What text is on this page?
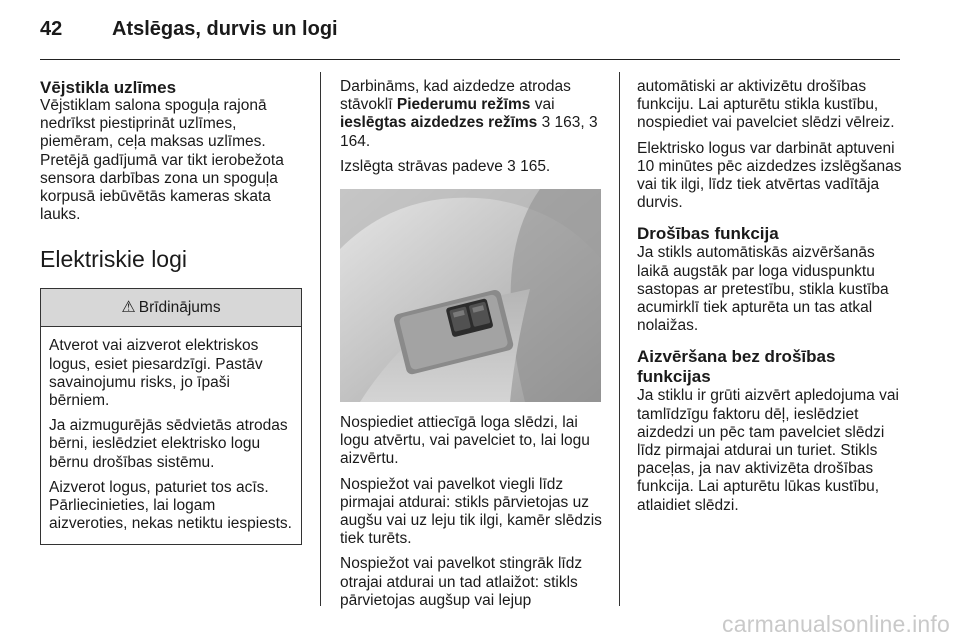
42	Atslēgas, durvis un logi
Vējstikla uzlīmes

Vējstiklam salona spoguļa rajonā nedrīkst piestiprināt uzlīmes, piemēram, ceļa maksas uzlīmes. Pretējā gadījumā var tikt ierobežota sensora darbības zona un spoguļa korpusā iebūvētās kameras skata lauks.

Elektriskie logi
⚠ Brīdinājums

Atverot vai aizverot elektriskos logus, esiet piesardzīgi. Pastāv savainojumu risks, jo īpaši bērniem.

Ja aizmugurējās sēdvietās atrodas bērni, ieslēdziet elektrisko logu bērnu drošības sistēmu.

Aizverot logus, paturiet tos acīs. Pārliecinieties, lai logam aizveroties, nekas netiktu iespiests.

Darbināms, kad aizdedze atrodas stāvoklī Piederumu režīms vai ieslēgtas aizdedzes režīms 3 163, 3 164.

Izslēgta strāvas padeve 3 165.

Nospiediet attiecīgā loga slēdzi, lai logu atvērtu, vai pavelciet to, lai logu aizvērtu.

Nospiežot vai pavelkot viegli līdz pirmajai atdurai: stikls pārvietojas uz augšu vai uz leju tik ilgi, kamēr slēdzis tiek turēts.

Nospiežot vai pavelkot stingrāk līdz otrajai atdurai un tad atlaižot: stikls pārvietojas augšup vai lejup

automātiski ar aktivizētu drošības funkciju. Lai apturētu stikla kustību, nospiediet vai pavelciet slēdzi vēlreiz.

Elektrisko logus var darbināt aptuveni 10 minūtes pēc aizdedzes izslēgšanas vai tik ilgi, līdz tiek atvērtas vadītāja durvis.

Drošības funkcija

Ja stikls automātiskās aizvēršanās laikā augstāk par loga viduspunktu sastopas ar pretestību, stikla kustība acumirklī tiek apturēta un tas atkal nolaižas.

Aizvēršana bez drošības funkcijas

Ja stiklu ir grūti aizvērt apledojuma vai tamlīdzīgu faktoru dēļ, ieslēdziet aizdedzi un pēc tam pavelciet slēdzi līdz pirmajai atdurai un turiet. Stikls paceļas, ja nav aktivizēta drošības funkcija. Lai apturētu lūkas kustību, atlaidiet slēdzi.

carmanualsonline.info
